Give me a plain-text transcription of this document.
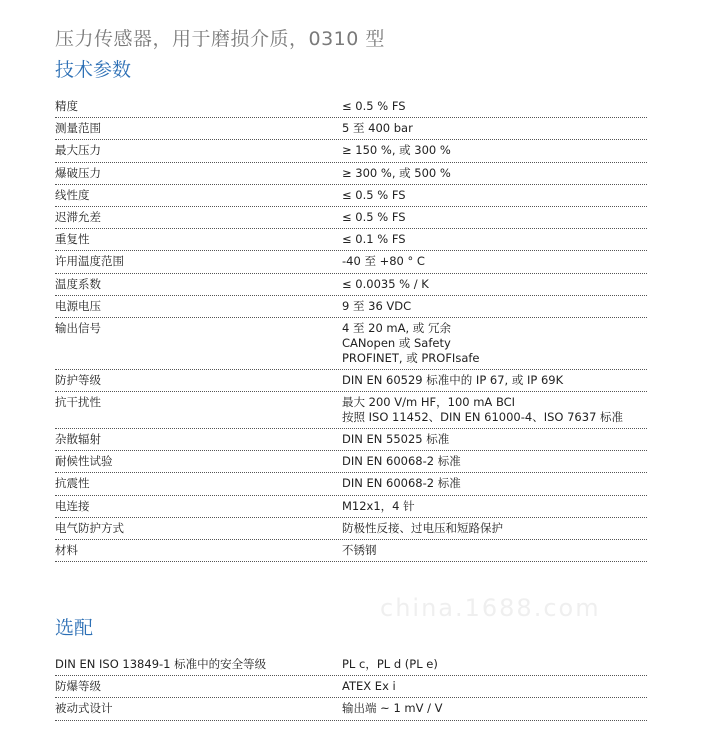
压力传感器，用于磨损介质，0310 型
技术参数
精度	≤ 0.5 % FS
测量范围	5 至 400 bar
最大压力	≥ 150 %, 或 300 %
爆破压力	≥ 300 %, 或 500 %
线性度	≤ 0.5 % FS
迟滞允差	≤ 0.5 % FS
重复性	≤ 0.1 % FS
许用温度范围	-40 至 +80 ° C
温度系数	≤ 0.0035 % / K
电源电压	9 至 36 VDC
输出信号	4 至 20 mA, 或 冗余
CANopen 或 Safety
PROFINET, 或 PROFIsafe
防护等级	DIN EN 60529 标准中的 IP 67, 或 IP 69K
抗干扰性	最大 200 V/m HF，100 mA BCI
按照 ISO 11452、DIN EN 61000-4、ISO 7637 标准
杂散辐射	DIN EN 55025 标准
耐候性试验	DIN EN 60068-2 标准
抗震性	DIN EN 60068-2 标准
电连接	M12x1，4 针
电气防护方式	防极性反接、过电压和短路保护
材料	不锈钢
china.1688.com
选配
DIN EN ISO 13849-1 标准中的安全等级	PL c，PL d (PL e)
防爆等级	ATEX Ex i
被动式设计	输出端 ~ 1 mV / V
